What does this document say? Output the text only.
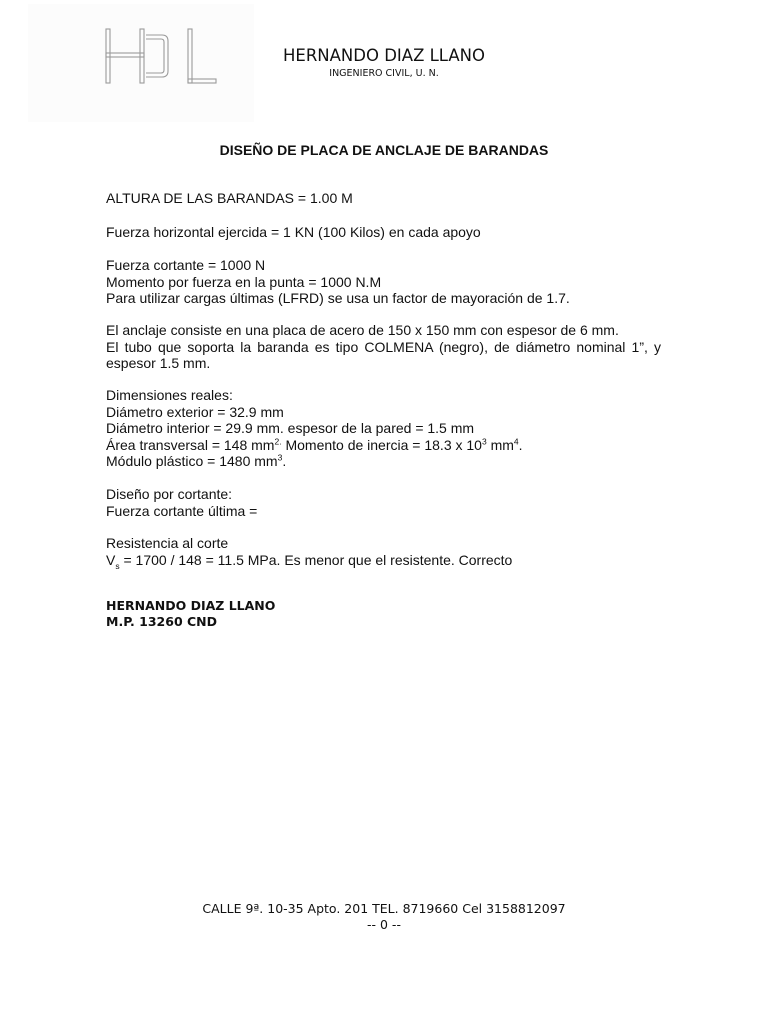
HERNANDO DIAZ LLANO
INGENIERO CIVIL, U. N.
DISEÑO DE PLACA DE ANCLAJE DE BARANDAS
ALTURA DE LAS BARANDAS = 1.00 M
Fuerza horizontal ejercida = 1 KN (100 Kilos) en cada apoyo
Fuerza cortante = 1000 N
Momento por fuerza en la punta = 1000 N.M
Para utilizar cargas últimas (LFRD) se usa un factor de mayoración de 1.7.
El anclaje consiste en una placa de acero de 150 x 150 mm con espesor de 6 mm.
El tubo que soporta la baranda es tipo COLMENA (negro), de diámetro nominal 1”, y espesor 1.5 mm.
Dimensiones reales:
Diámetro exterior = 32.9 mm
Diámetro interior = 29.9 mm. espesor de la pared = 1.5 mm
Área transversal = 148 $mm^{2.}$ Momento de inercia = 18.3 x $10^3$ $mm^4$.
Módulo plástico = 1480 $mm^3$.
Diseño por cortante:
Fuerza cortante última =
Resistencia al corte
$V_s = 1700 / 148 = 11.5$ MPa. Es menor que el resistente. Correcto
HERNANDO DIAZ LLANO
M.P. 13260 CND
CALLE 9ª. 10-35 Apto. 201 TEL. 8719660 Cel 3158812097
-- 0 --
